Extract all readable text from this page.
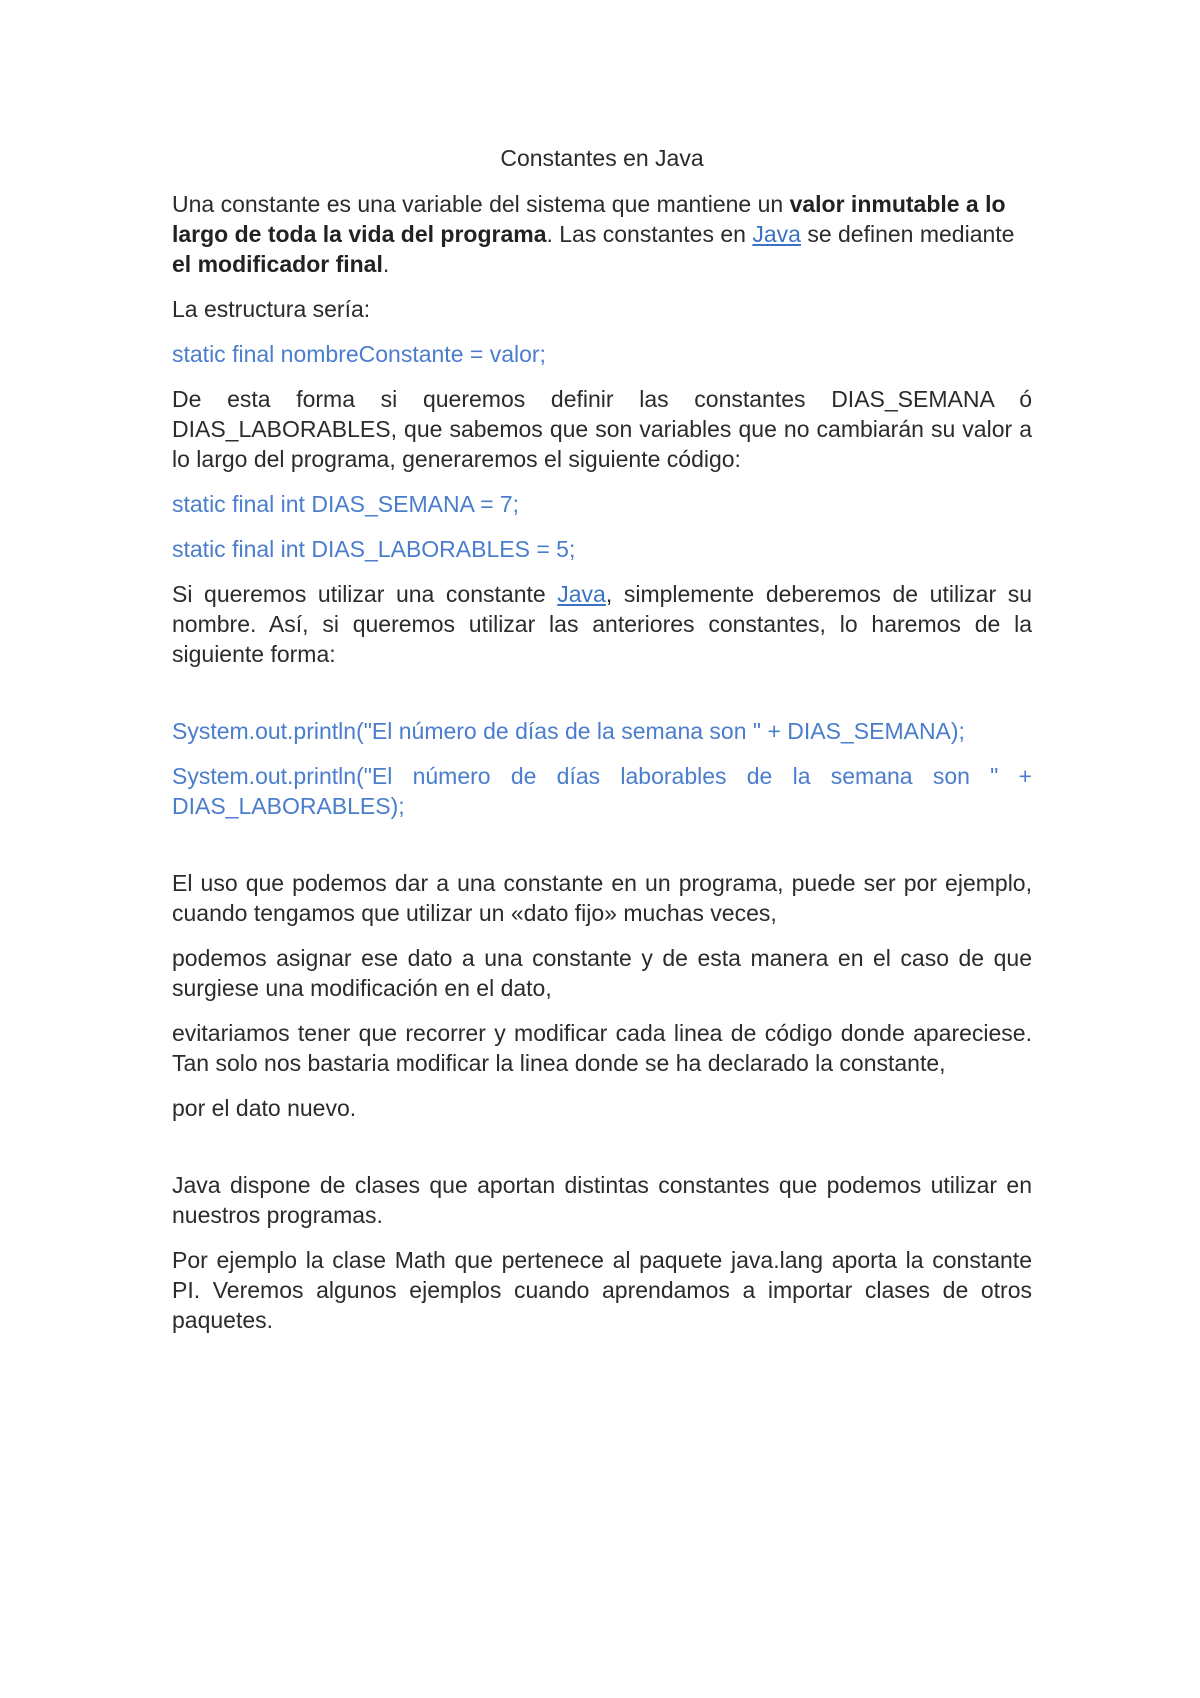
Constantes en Java

Una constante es una variable del sistema que mantiene un valor inmutable a lo largo de toda la vida del programa. Las constantes en Java se definen mediante el modificador final.

La estructura sería:

static final nombreConstante = valor;

De esta forma si queremos definir las constantes DIAS_SEMANA ó DIAS_LABORABLES, que sabemos que son variables que no cambiarán su valor a lo largo del programa, generaremos el siguiente código:

static final int DIAS_SEMANA = 7;

static final int DIAS_LABORABLES = 5;

Si queremos utilizar una constante Java, simplemente deberemos de utilizar su nombre. Así, si queremos utilizar las anteriores constantes, lo haremos de la siguiente forma:

System.out.println("El número de días de la semana son " + DIAS_SEMANA);

System.out.println("El número de días laborables de la semana son " + DIAS_LABORABLES);

El uso que podemos dar a una constante en un programa, puede ser por ejemplo, cuando tengamos que utilizar un «dato fijo» muchas veces,

podemos asignar ese dato a una constante y de esta manera en el caso de que surgiese una modificación en el dato,

evitariamos tener que recorrer y modificar cada linea de código donde apareciese. Tan solo nos bastaria modificar la linea donde se ha declarado la constante,

por el dato nuevo.

Java dispone de clases que aportan distintas constantes que podemos utilizar en nuestros programas.

Por ejemplo la clase Math que pertenece al paquete java.lang aporta la constante PI. Veremos algunos ejemplos cuando aprendamos a importar clases de otros paquetes.
